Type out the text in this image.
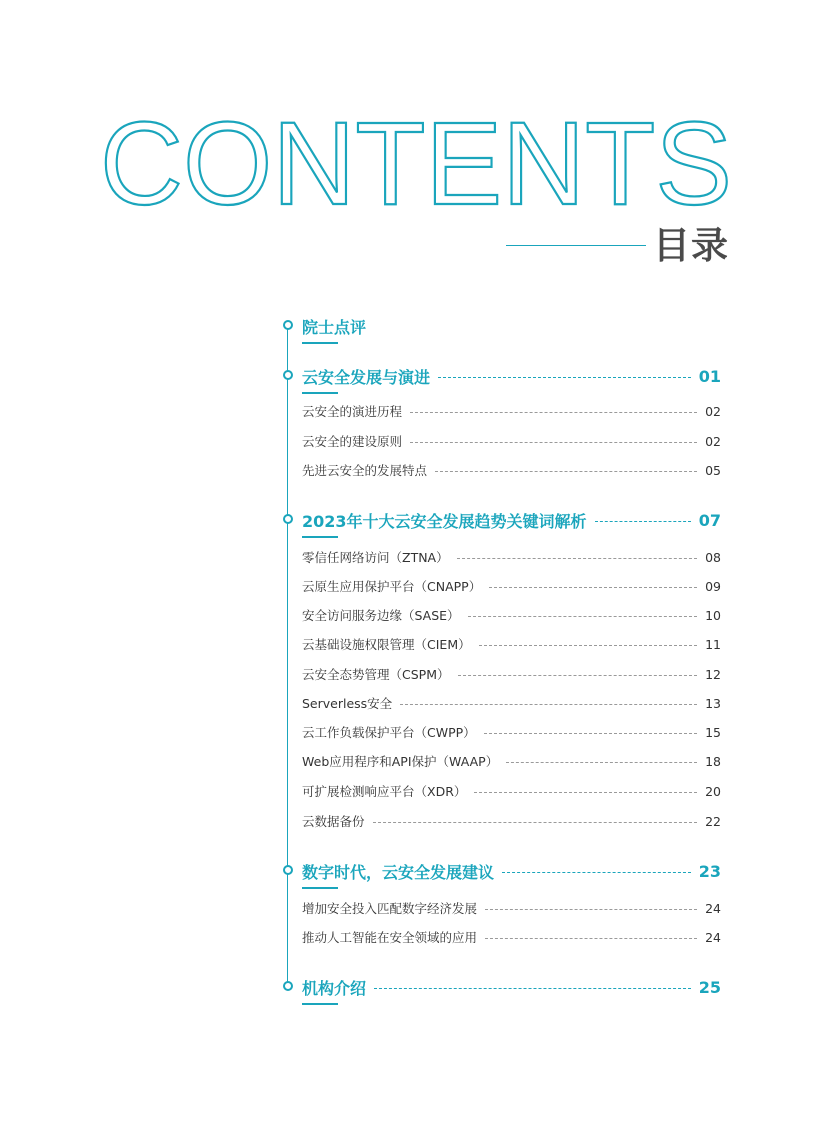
CONTENTS
目录
院士点评
云安全发展与演进	01
云安全的演进历程	02
云安全的建设原则	02
先进云安全的发展特点	05
2023年十大云安全发展趋势关键词解析	07
零信任网络访问（ZTNA）	08
云原生应用保护平台（CNAPP）	09
安全访问服务边缘（SASE）	10
云基础设施权限管理（CIEM）	11
云安全态势管理（CSPM）	12
Serverless安全	13
云工作负载保护平台（CWPP）	15
Web应用程序和API保护（WAAP）	18
可扩展检测响应平台（XDR）	20
云数据备份	22
数字时代，云安全发展建议	23
增加安全投入匹配数字经济发展	24
推动人工智能在安全领域的应用	24
机构介绍	25
